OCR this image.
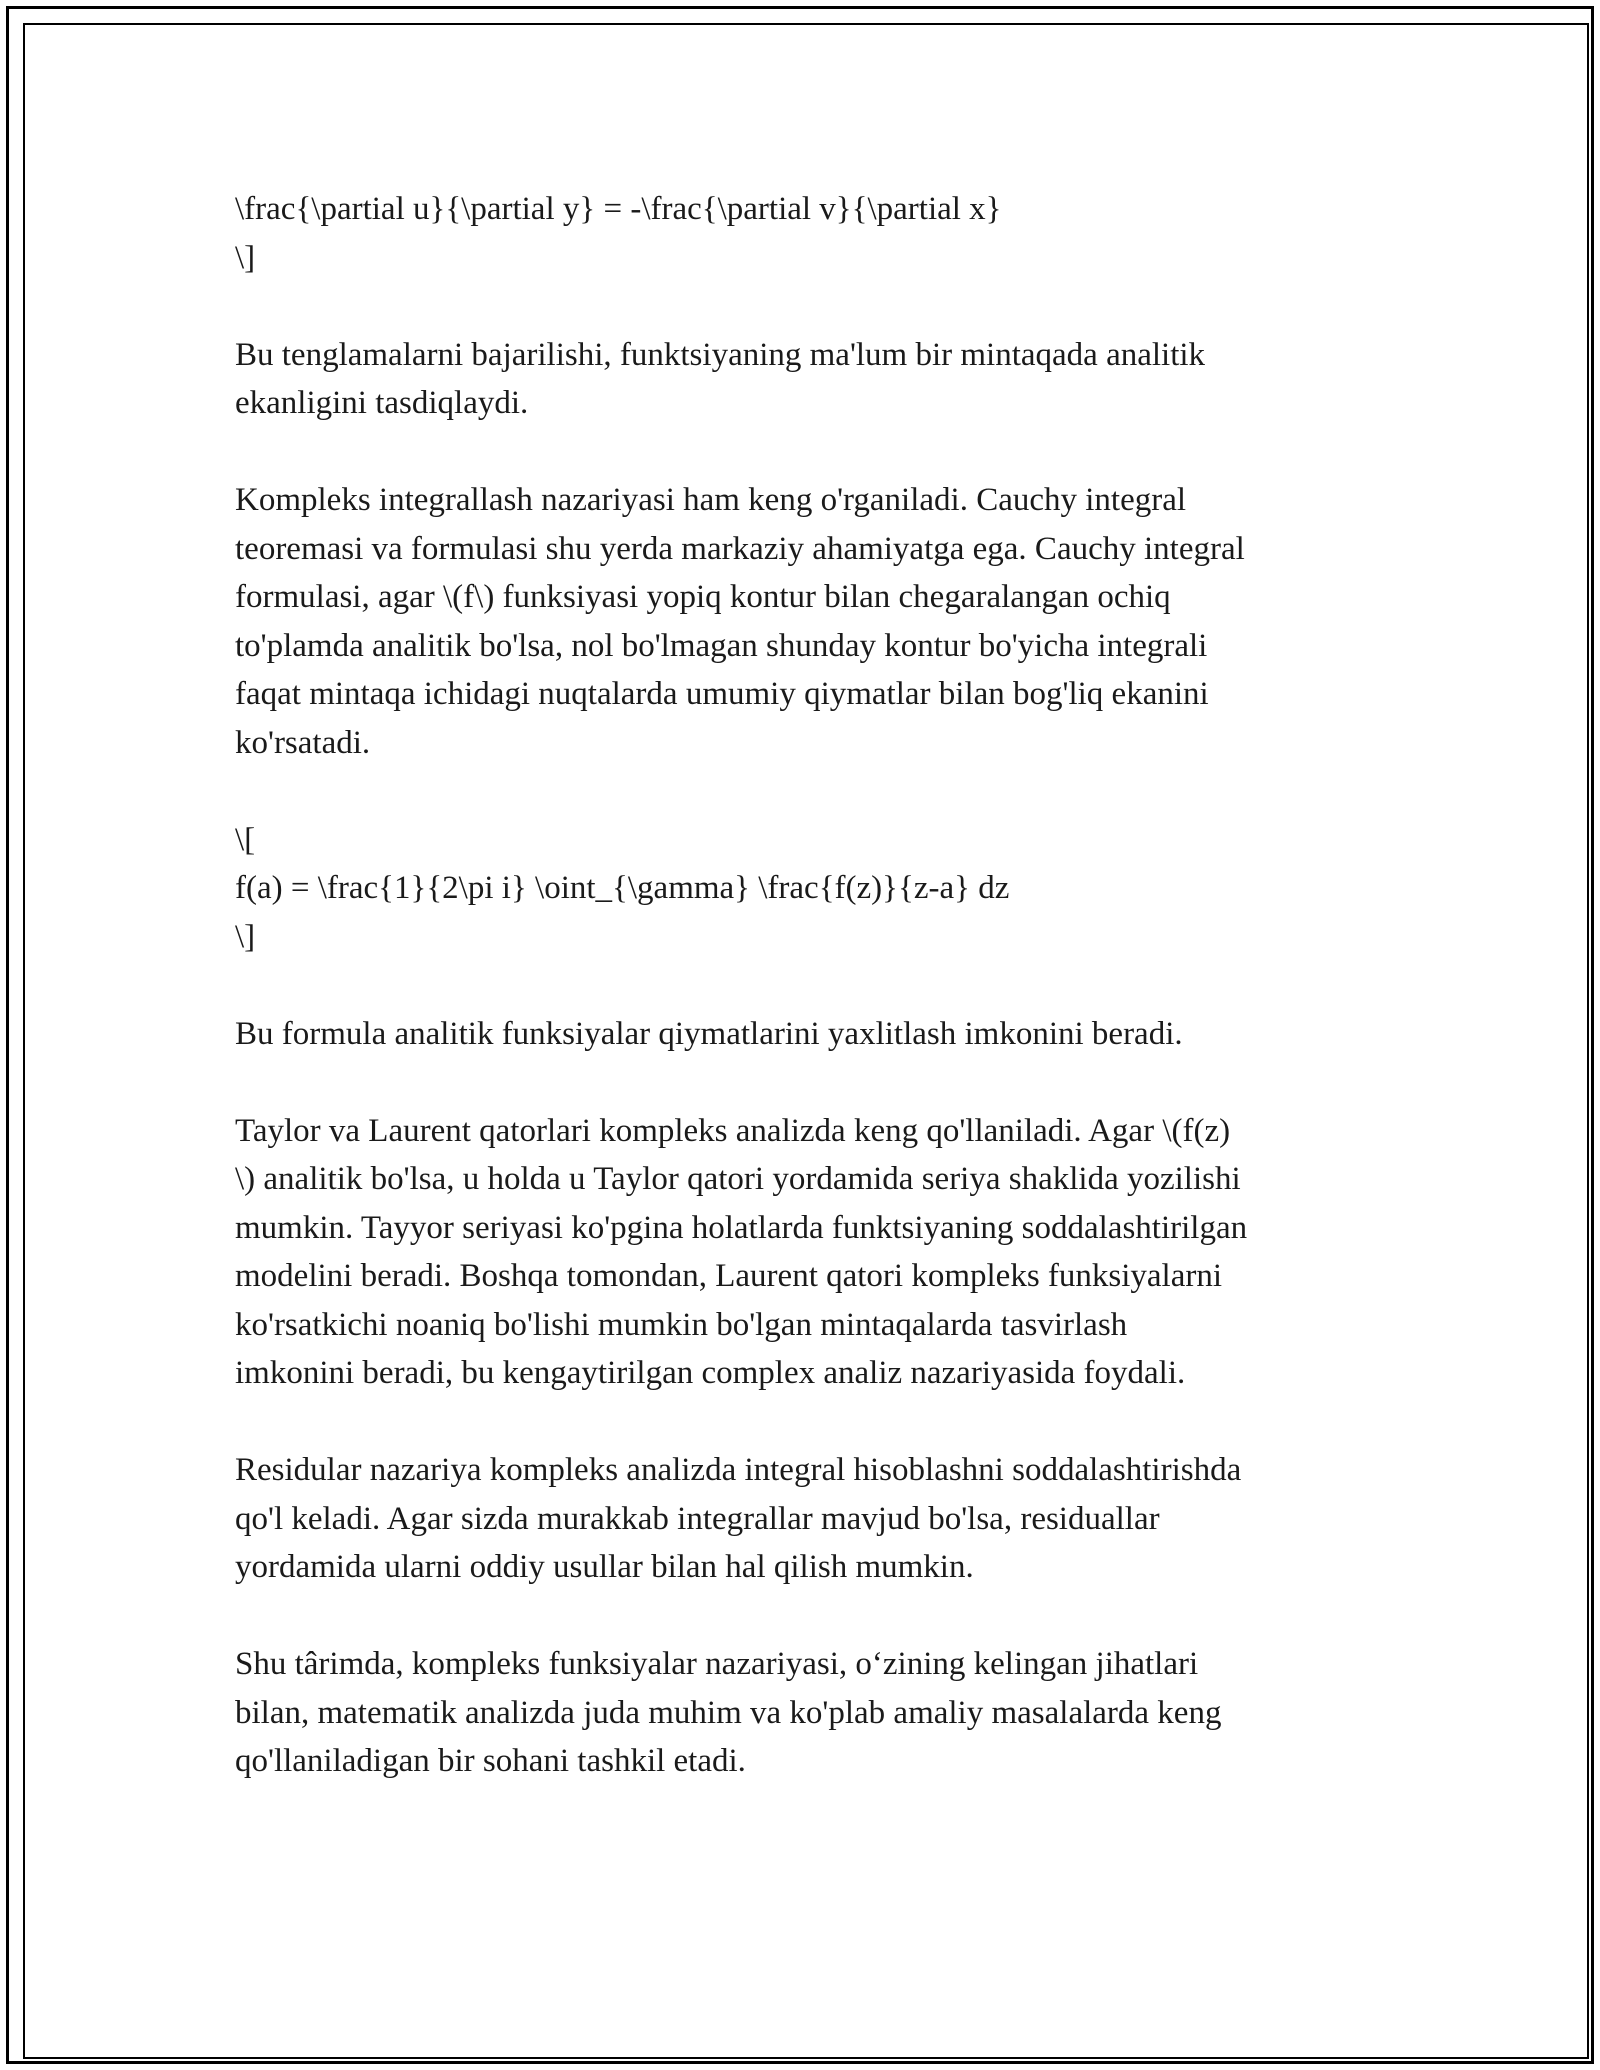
\frac{\partial u}{\partial y} = -\frac{\partial v}{\partial x}
\]
Bu tenglamalarni bajarilishi, funktsiyaning ma'lum bir mintaqada analitik
ekanligini tasdiqlaydi.
Kompleks integrallash nazariyasi ham keng o'rganiladi. Cauchy integral
teoremasi va formulasi shu yerda markaziy ahamiyatga ega. Cauchy integral
formulasi, agar \(f\) funksiyasi yopiq kontur bilan chegaralangan ochiq
to'plamda analitik bo'lsa, nol bo'lmagan shunday kontur bo'yicha integrali
faqat mintaqa ichidagi nuqtalarda umumiy qiymatlar bilan bog'liq ekanini
ko'rsatadi.
\[
f(a) = \frac{1}{2\pi i} \oint_{\gamma} \frac{f(z)}{z-a} dz
\]
Bu formula analitik funksiyalar qiymatlarini yaxlitlash imkonini beradi.
Taylor va Laurent qatorlari kompleks analizda keng qo'llaniladi. Agar \(f(z)
\) analitik bo'lsa, u holda u Taylor qatori yordamida seriya shaklida yozilishi
mumkin. Tayyor seriyasi ko'pgina holatlarda funktsiyaning soddalashtirilgan
modelini beradi. Boshqa tomondan, Laurent qatori kompleks funksiyalarni
ko'rsatkichi noaniq bo'lishi mumkin bo'lgan mintaqalarda tasvirlash
imkonini beradi, bu kengaytirilgan complex analiz nazariyasida foydali.
Residular nazariya kompleks analizda integral hisoblashni soddalashtirishda
qo'l keladi. Agar sizda murakkab integrallar mavjud bo'lsa, residuallar
yordamida ularni oddiy usullar bilan hal qilish mumkin.
Shu târimda, kompleks funksiyalar nazariyasi, o‘zining kelingan jihatlari
bilan, matematik analizda juda muhim va ko'plab amaliy masalalarda keng
qo'llaniladigan bir sohani tashkil etadi.
